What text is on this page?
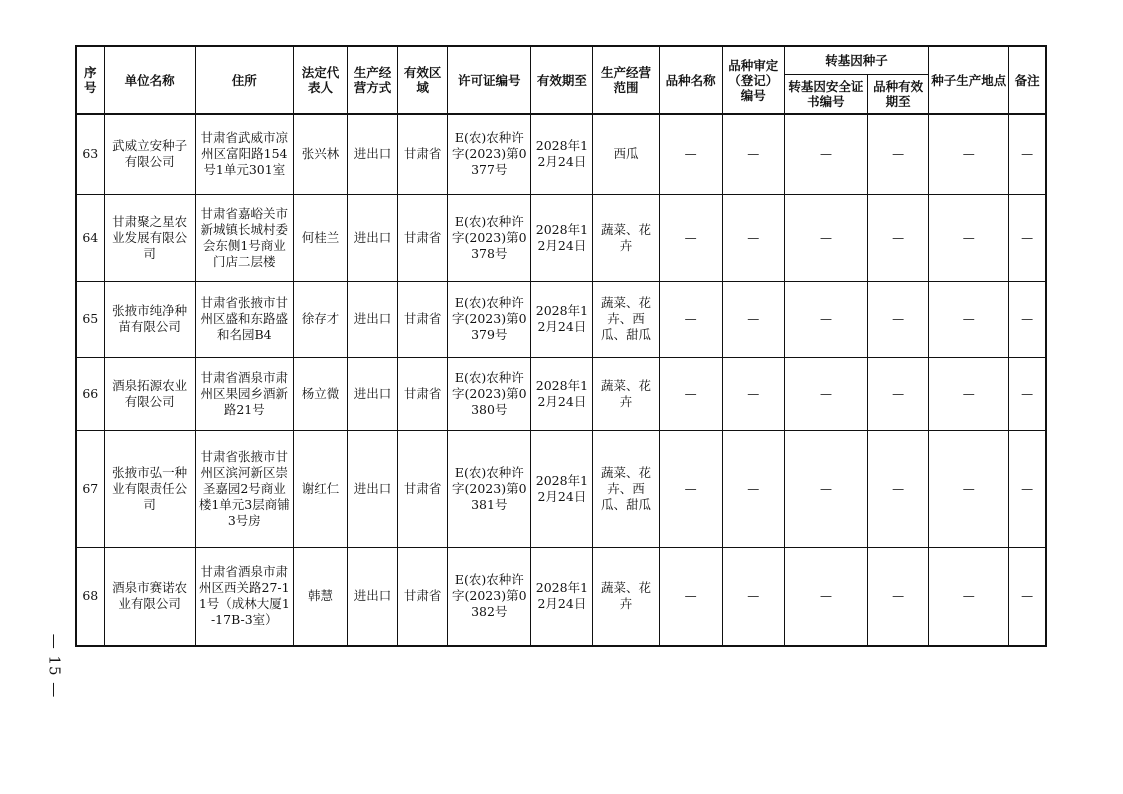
— 15 —
序号	单位名称	住所	法定代表人	生产经营方式	有效区域	许可证编号	有效期至	生产经营范围	品种名称	品种审定（登记）编号	转基因种子		种子生产地点	备注
											转基因安全证书编号	品种有效期至		
63	武威立安种子有限公司	甘肃省武威市凉州区富阳路154号1单元301室	张兴林	进出口	甘肃省	E(农)农种许字(2023)第0377号	2028年12月24日	西瓜	—	—	—	—	—	—
64	甘肃聚之星农业发展有限公司	甘肃省嘉峪关市新城镇长城村委会东侧1号商业门店二层楼	何桂兰	进出口	甘肃省	E(农)农种许字(2023)第0378号	2028年12月24日	蔬菜、花卉	—	—	—	—	—	—
65	张掖市纯净种苗有限公司	甘肃省张掖市甘州区盛和东路盛和名园B4	徐存才	进出口	甘肃省	E(农)农种许字(2023)第0379号	2028年12月24日	蔬菜、花卉、西瓜、甜瓜	—	—	—	—	—	—
66	酒泉拓源农业有限公司	甘肃省酒泉市肃州区果园乡酒新路21号	杨立微	进出口	甘肃省	E(农)农种许字(2023)第0380号	2028年12月24日	蔬菜、花卉	—	—	—	—	—	—
67	张掖市弘一种业有限责任公司	甘肃省张掖市甘州区滨河新区崇圣嘉园2号商业楼1单元3层商铺3号房	谢红仁	进出口	甘肃省	E(农)农种许字(2023)第0381号	2028年12月24日	蔬菜、花卉、西瓜、甜瓜	—	—	—	—	—	—
68	酒泉市赛诺农业有限公司	甘肃省酒泉市肃州区西关路27-11号（成林大厦1-17B-3室）	韩慧	进出口	甘肃省	E(农)农种许字(2023)第0382号	2028年12月24日	蔬菜、花卉	—	—	—	—	—	—
